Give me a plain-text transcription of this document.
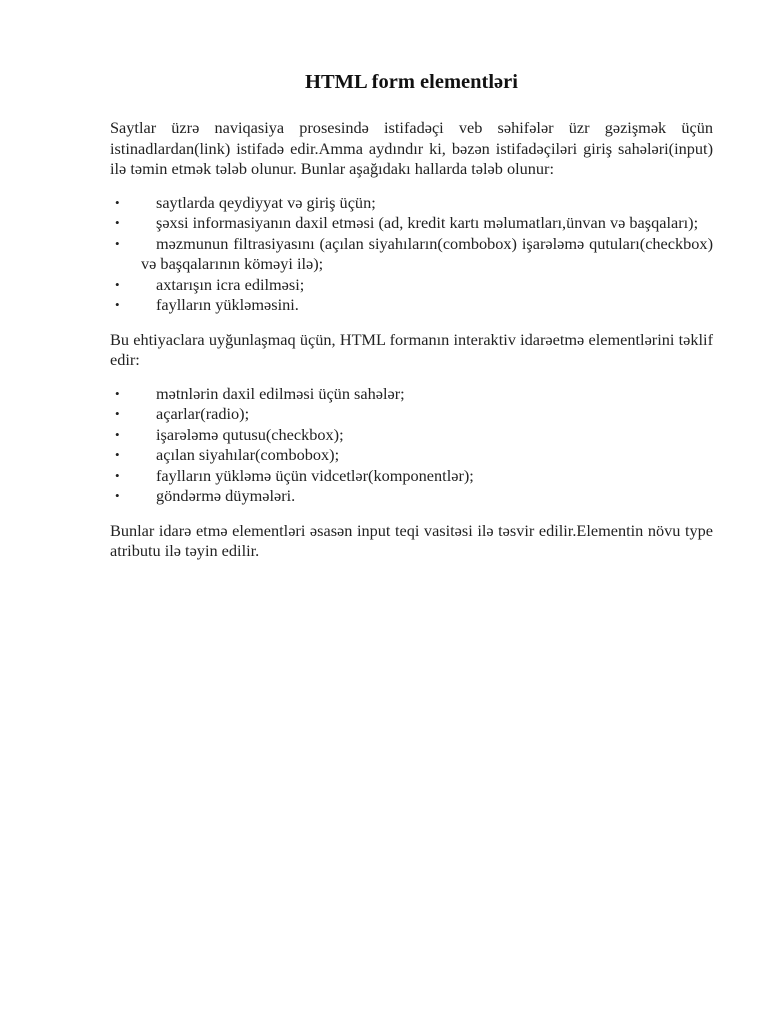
HTML form elementləri

Saytlar üzrə naviqasiya prosesində istifadəçi veb səhifələr üzr gəzişmək üçün istinadlardan(link) istifadə edir.Amma aydındır ki, bəzən istifadəçiləri giriş sahələri(input) ilə təmin etmək tələb olunur. Bunlar aşağıdakı hallarda tələb olunur:

•	saytlarda qeydiyyat və giriş üçün;
•	şəxsi informasiyanın daxil etməsi (ad, kredit kartı məlumatları,ünvan və başqaları);
•	məzmunun filtrasiyasını (açılan siyahıların(combobox) işarələmə qutuları(checkbox) və başqalarının köməyi ilə);
•	axtarışın icra edilməsi;
•	faylların yükləməsini.

Bu ehtiyaclara uyğunlaşmaq üçün, HTML formanın interaktiv idarəetmə elementlərini təklif edir:

•	mətnlərin daxil edilməsi üçün sahələr;
•	açarlar(radio);
•	işarələmə qutusu(checkbox);
•	açılan siyahılar(combobox);
•	faylların yükləmə üçün vidcetlər(komponentlər);
•	göndərmə düymələri.

Bunlar idarə etmə elementləri əsasən input teqi vasitəsi ilə təsvir edilir.Elementin növu type atributu ilə təyin edilir.
